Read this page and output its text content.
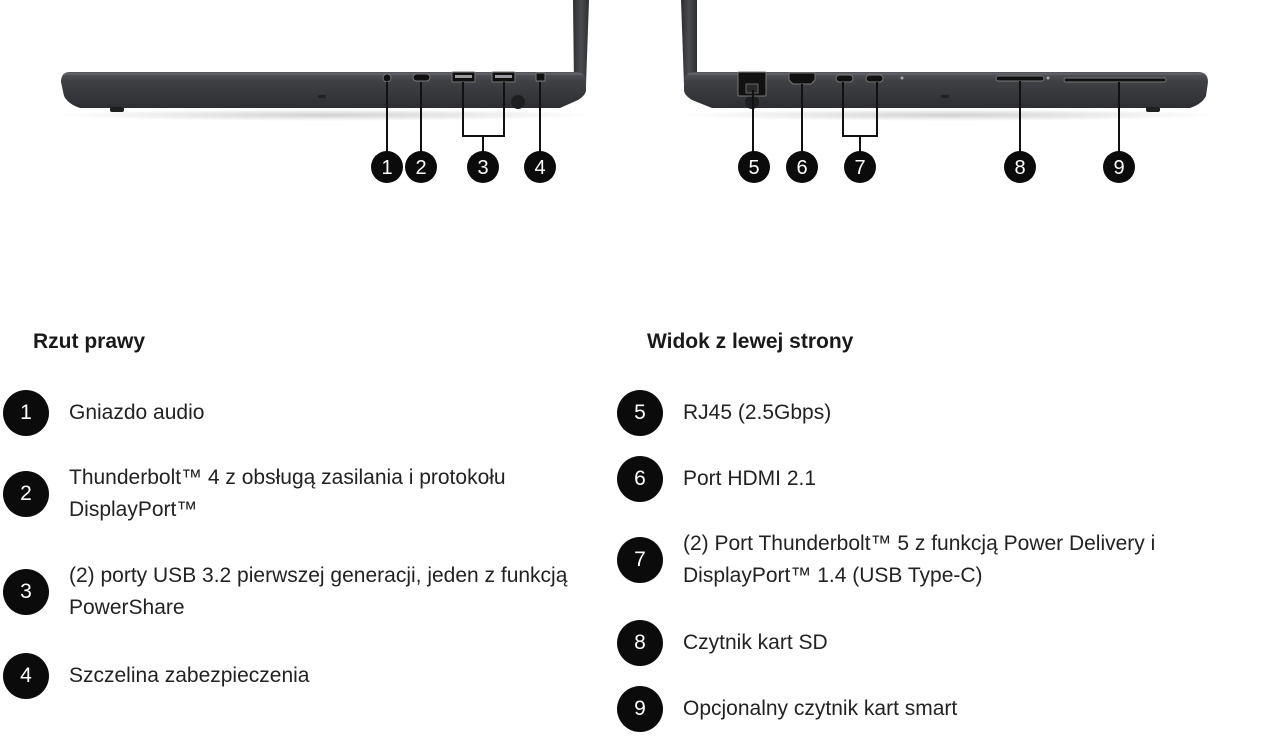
1 2	3 4	5 6 7	8	9
Rzut prawy
1	Gniazdo audio
2
Thunderbolt™ 4 z obsługą zasilania i protokołu DisplayPort™
3
(2) porty USB 3.2 pierwszej generacji, jeden z funkcją PowerShare
4	Szczelina zabezpieczenia
Widok z lewej strony
5	RJ45 (2.5Gbps)
6	Port HDMI 2.1
7
(2) Port Thunderbolt™ 5 z funkcją Power Delivery i DisplayPort™ 1.4 (USB Type-C)
8	Czytnik kart SD
9	Opcjonalny czytnik kart smart
